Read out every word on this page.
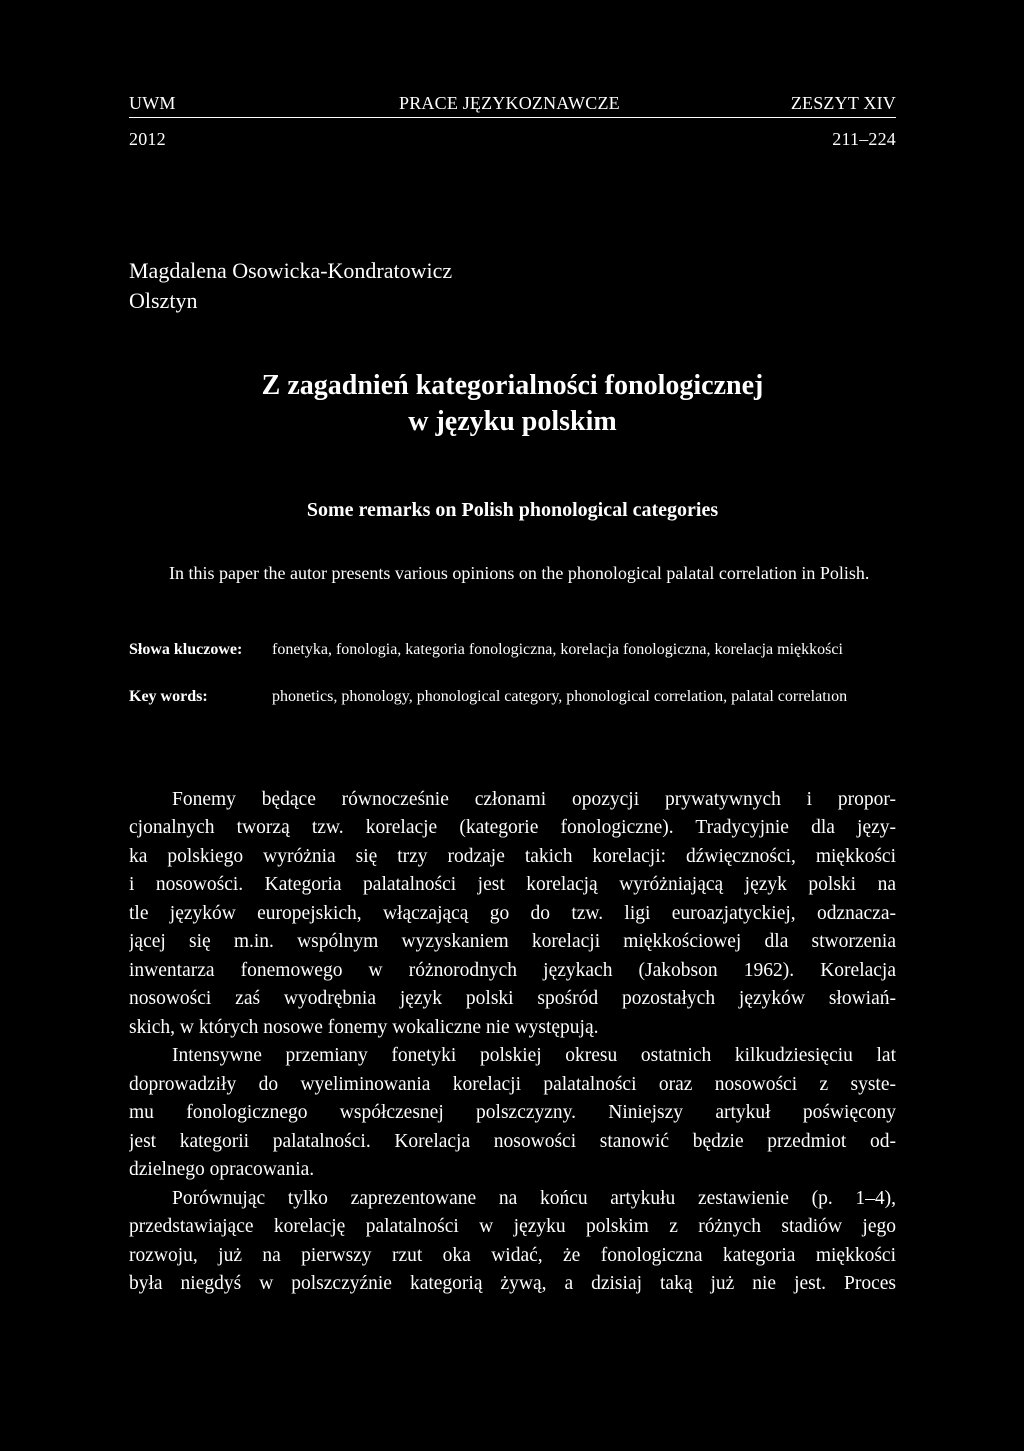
UWM	PRACE JĘZYKOZNAWCZE	ZESZYT XIV
2012	211–224
Magdalena Osowicka-Kondratowicz
Olsztyn
Z zagadnień kategorialności fonologicznej
w języku polskim
Some remarks on Polish phonological categories

In this paper the autor presents various opinions on the phonological palatal correlation in Polish.

Słowa kluczowe: fonetyka, fonologia, kategoria fonologiczna, korelacja fonologiczna, korelacja miękkości

Key words:	phonetics, phonology, phonological category, phonological correlation, palatal correlatıon

Fonemy będące równocześnie członami opozycji prywatywnych i propor-
cjonalnych tworzą tzw. korelacje (kategorie fonologiczne). Tradycyjnie dla języ-
ka polskiego wyróżnia się trzy rodzaje takich korelacji: dźwięczności, miękkości
i nosowości. Kategoria palatalności jest korelacją wyróżniającą język polski na
tle języków europejskich, włączającą go do tzw. ligi euroazjatyckiej, odznacza-
jącej się m.in. wspólnym wyzyskaniem korelacji miękkościowej dla stworzenia
inwentarza fonemowego w różnorodnych językach (Jakobson 1962). Korelacja
nosowości zaś wyodrębnia język polski spośród pozostałych języków słowiań-
skich, w których nosowe fonemy wokaliczne nie występują.
Intensywne przemiany fonetyki polskiej okresu ostatnich kilkudziesięciu lat
doprowadziły do wyeliminowania korelacji palatalności oraz nosowości z syste-
mu fonologicznego współczesnej polszczyzny. Niniejszy artykuł poświęcony
jest kategorii palatalności. Korelacja nosowości stanowić będzie przedmiot od-
dzielnego opracowania.
Porównując tylko zaprezentowane na końcu artykułu zestawienie (p. 1–4),
przedstawiające korelację palatalności w języku polskim z różnych stadiów jego
rozwoju, już na pierwszy rzut oka widać, że fonologiczna kategoria miękkości
była niegdyś w polszczyźnie kategorią żywą, a dzisiaj taką już nie jest. Proces
